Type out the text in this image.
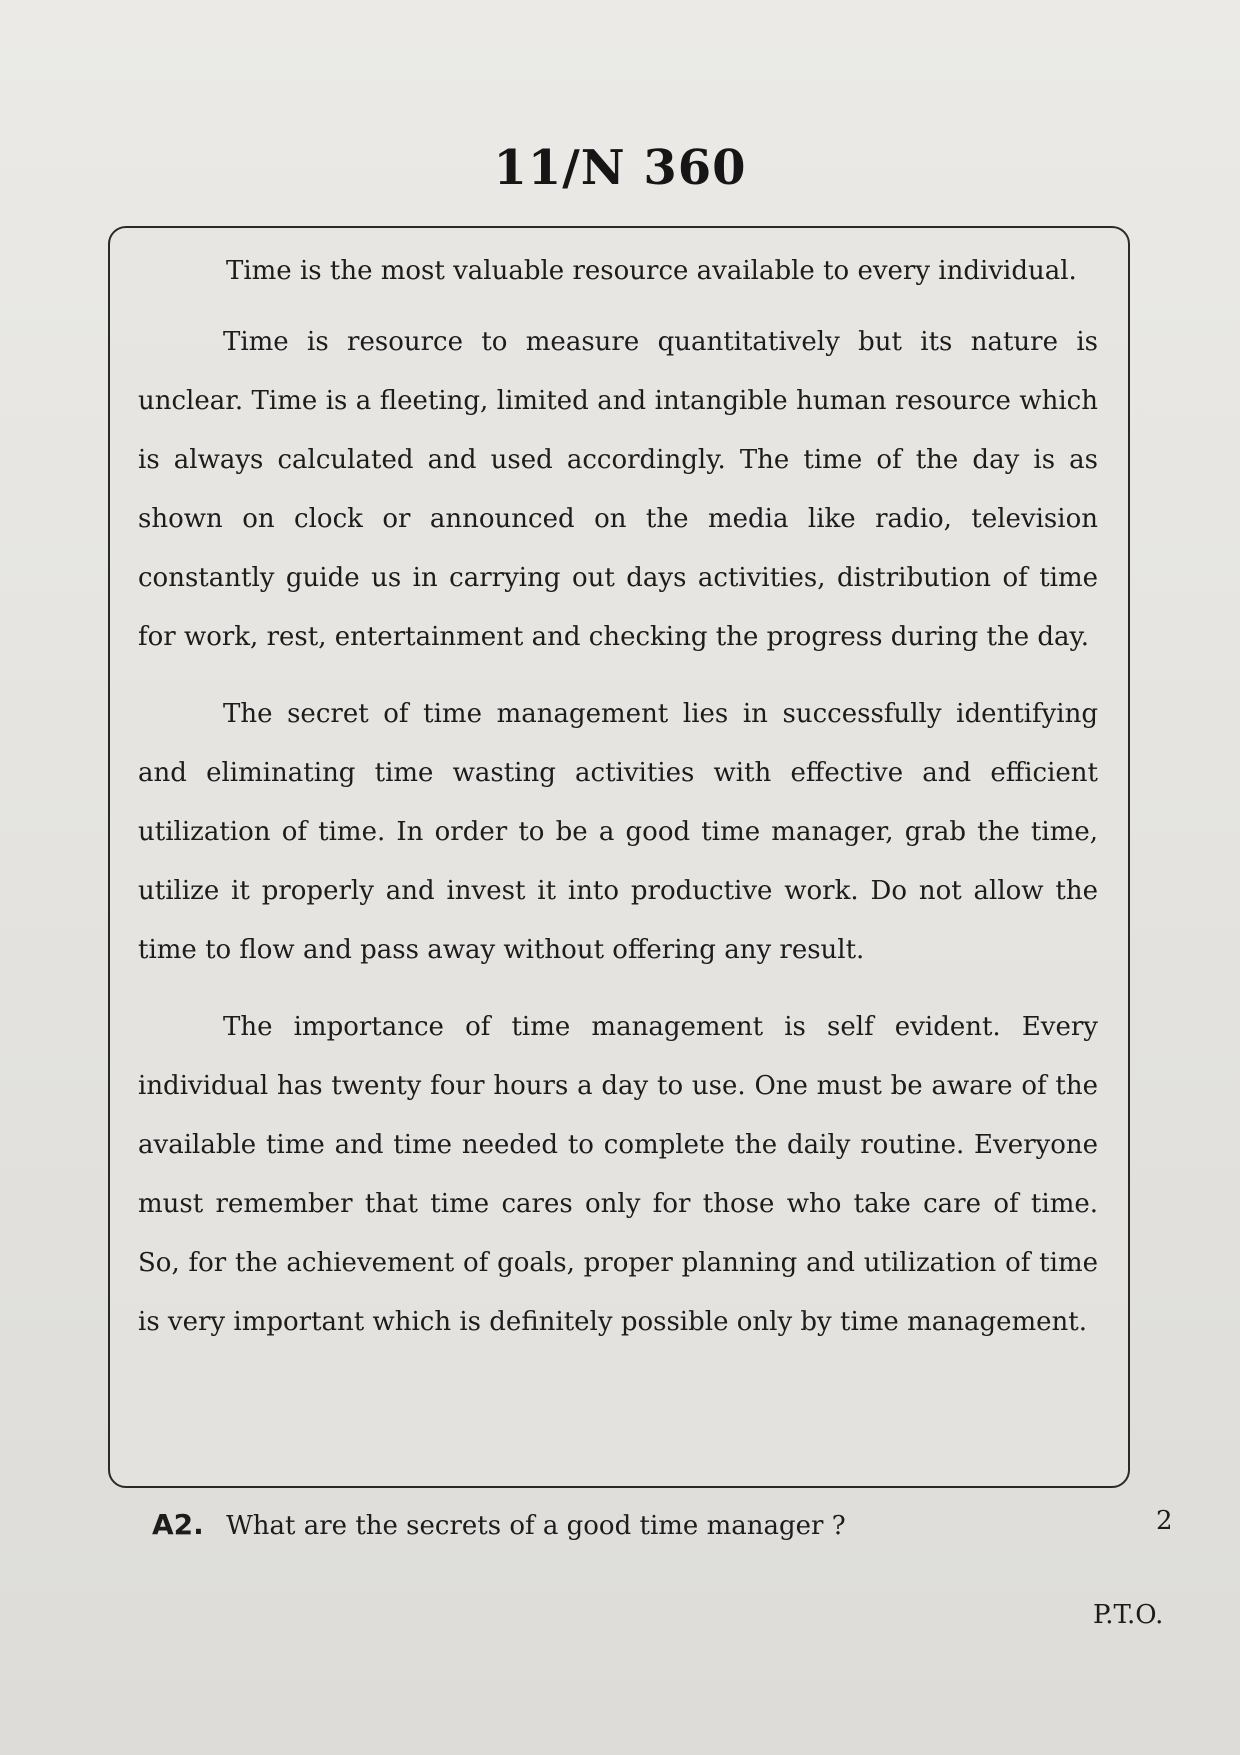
11/N 360

Time is the most valuable resource available to every individual.

Time is resource to measure quantitatively but its nature is unclear. Time is a fleeting, limited and intangible human resource which is always calculated and used accordingly. The time of the day is as shown on clock or announced on the media like radio, television constantly guide us in carrying out days activities, distribution of time for work, rest, entertainment and checking the progress during the day.

The secret of time management lies in successfully identifying and eliminating time wasting activities with effective and efficient utilization of time. In order to be a good time manager, grab the time, utilize it properly and invest it into productive work. Do not allow the time to flow and pass away without offering any result.

The importance of time management is self evident. Every individual has twenty four hours a day to use. One must be aware of the available time and time needed to complete the daily routine. Everyone must remember that time cares only for those who take care of time. So, for the achievement of goals, proper planning and utilization of time is very important which is definitely possible only by time management.

A2. What are the secrets of a good time manager ?	2
P.T.O.
